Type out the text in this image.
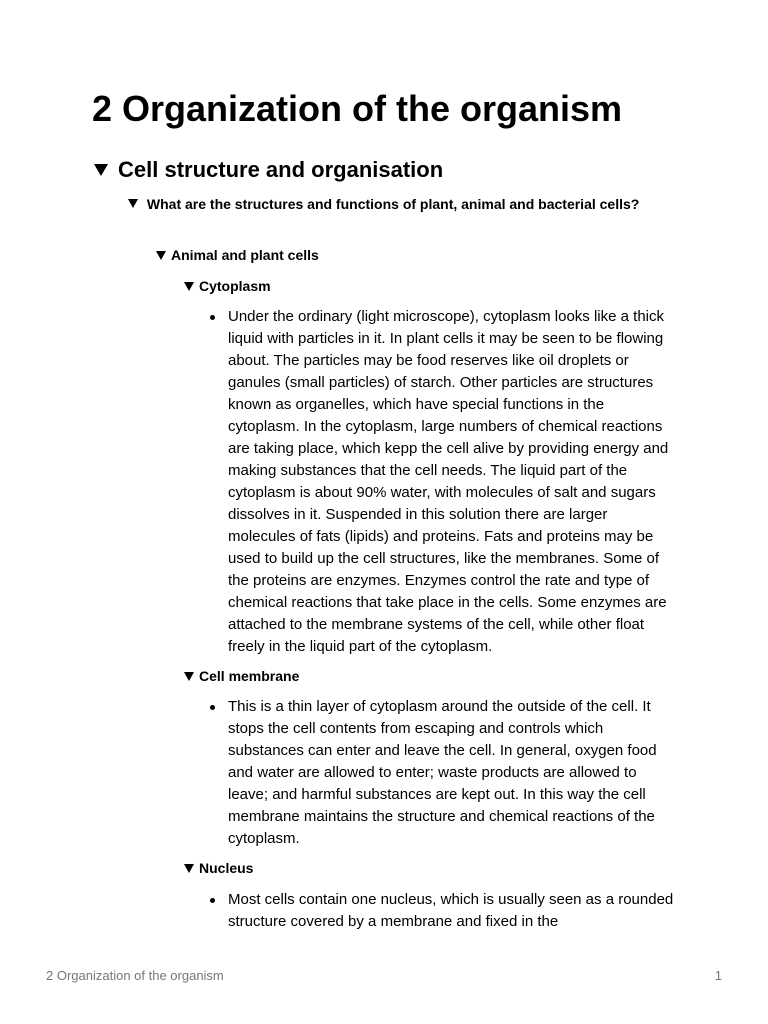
2 Organization of the organism
Cell structure and organisation
What are the structures and functions of plant, animal and bacterial cells?
Animal and plant cells
Cytoplasm

Under the ordinary (light microscope), cytoplasm looks like a thick liquid with particles in it. In plant cells it may be seen to be flowing about. The particles may be food reserves like oil droplets or ganules (small particles) of starch. Other particles are structures known as organelles, which have special functions in the cytoplasm. In the cytoplasm, large numbers of chemical reactions are taking place, which kepp the cell alive by providing energy and making substances that the cell needs. The liquid part of the cytoplasm is about 90% water, with molecules of salt and sugars dissolves in it. Suspended in this solution there are larger molecules of fats (lipids) and proteins. Fats and proteins may be used to build up the cell structures, like the membranes. Some of the proteins are enzymes. Enzymes control the rate and type of chemical reactions that take place in the cells. Some enzymes are attached to the membrane systems of the cell, while other float freely in the liquid part of the cytoplasm.

Cell membrane

This is a thin layer of cytoplasm around the outside of the cell. It stops the cell contents from escaping and controls which substances can enter and leave the cell. In general, oxygen food and water are allowed to enter; waste products are allowed to leave; and harmful substances are kept out. In this way the cell membrane maintains the structure and chemical reactions of the cytoplasm.

Nucleus

Most cells contain one nucleus, which is usually seen as a rounded structure covered by a membrane and fixed in the

2 Organization of the organism	1
